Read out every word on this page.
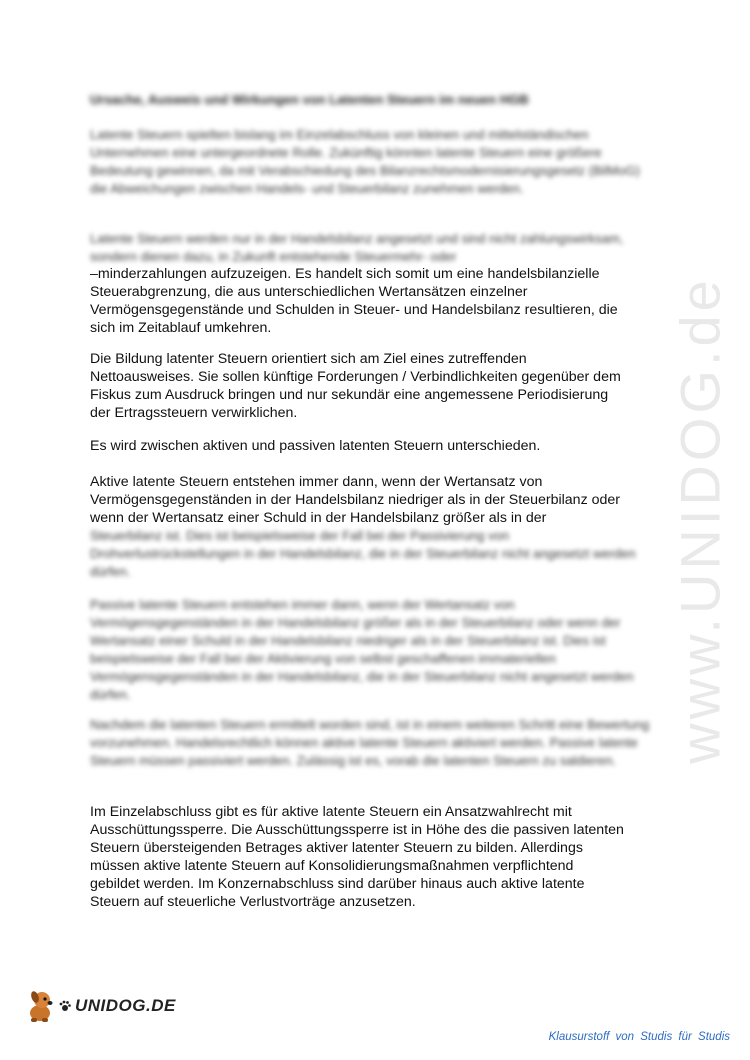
www.UNIDOG.de
Ursache, Ausweis und Wirkungen von Latenten Steuern im neuen HGB
Latente Steuern spielten bislang im Einzelabschluss von kleinen und mittelständischen Unternehmen eine untergeordnete Rolle. Zukünftig könnten latente Steuern eine größere Bedeutung gewinnen, da mit Verabschiedung des Bilanzrechtsmodernisierungsgesetz (BilMoG) die Abweichungen zwischen Handels- und Steuerbilanz zunehmen werden.
Latente Steuern werden nur in der Handelsbilanz angesetzt und sind nicht zahlungswirksam, sondern dienen dazu, in Zukunft entstehende Steuermehr- oder
–minderzahlungen aufzuzeigen. Es handelt sich somit um eine handelsbilanzielle
Steuerabgrenzung, die aus unterschiedlichen Wertansätzen einzelner
Vermögensgegenstände und Schulden in Steuer- und Handelsbilanz resultieren, die
sich im Zeitablauf umkehren.
Die Bildung latenter Steuern orientiert sich am Ziel eines zutreffenden
Nettoausweises. Sie sollen künftige Forderungen / Verbindlichkeiten gegenüber dem
Fiskus zum Ausdruck bringen und nur sekundär eine angemessene Periodisierung
der Ertragssteuern verwirklichen.
Es wird zwischen aktiven und passiven latenten Steuern unterschieden.
Aktive latente Steuern entstehen immer dann, wenn der Wertansatz von
Vermögensgegenständen in der Handelsbilanz niedriger als in der Steuerbilanz oder
wenn der Wertansatz einer Schuld in der Handelsbilanz größer als in der
Steuerbilanz ist. Dies ist beispielsweise der Fall bei der Passivierung von Drohverlustrückstellungen in der Handelsbilanz, die in der Steuerbilanz nicht angesetzt werden dürfen.
Passive latente Steuern entstehen immer dann, wenn der Wertansatz von Vermögensgegenständen in der Handelsbilanz größer als in der Steuerbilanz oder wenn der Wertansatz einer Schuld in der Handelsbilanz niedriger als in der Steuerbilanz ist. Dies ist beispielsweise der Fall bei der Aktivierung von selbst geschaffenen immateriellen Vermögensgegenständen in der Handelsbilanz, die in der Steuerbilanz nicht angesetzt werden dürfen.
Nachdem die latenten Steuern ermittelt worden sind, ist in einem weiteren Schritt eine Bewertung vorzunehmen. Handelsrechtlich können aktive latente Steuern aktiviert werden. Passive latente Steuern müssen passiviert werden. Zulässig ist es, vorab die latenten Steuern zu saldieren.
Im Einzelabschluss gibt es für aktive latente Steuern ein Ansatzwahlrecht mit
Ausschüttungssperre. Die Ausschüttungssperre ist in Höhe des die passiven latenten
Steuern übersteigenden Betrages aktiver latenter Steuern zu bilden. Allerdings
müssen aktive latente Steuern auf Konsolidierungsmaßnahmen verpflichtend
gebildet werden. Im Konzernabschluss sind darüber hinaus auch aktive latente
Steuern auf steuerliche Verlustvorträge anzusetzen.
UNIDOG.DE
Klausurstoff von Studis für Studis
